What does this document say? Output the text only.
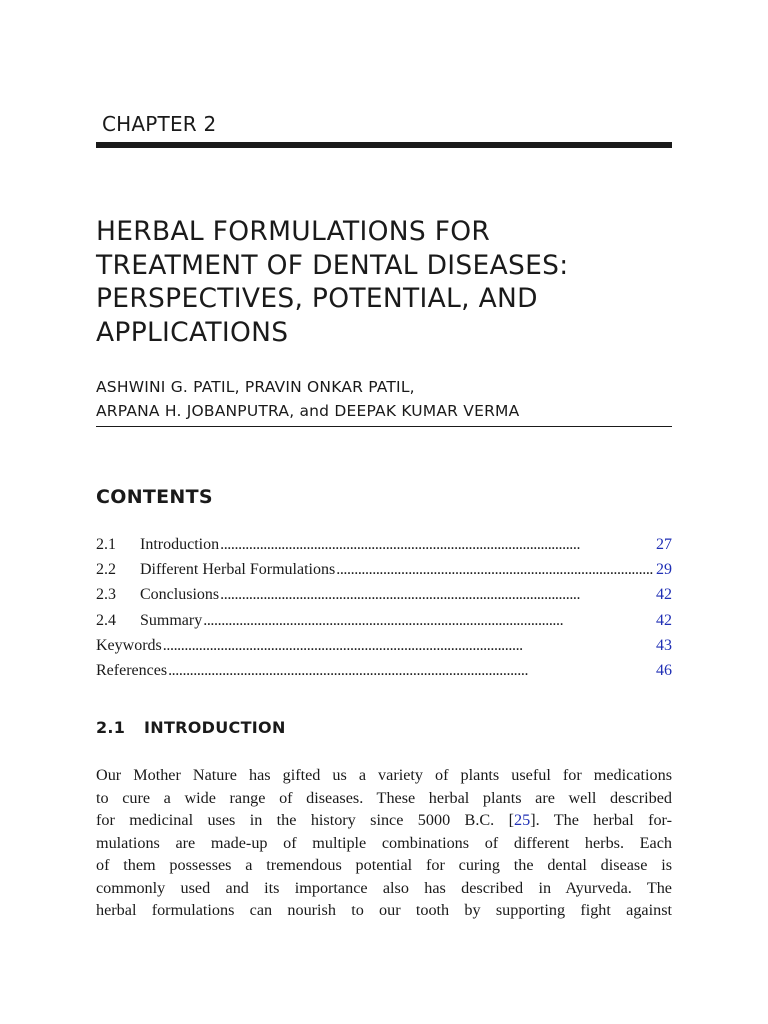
CHAPTER 2
HERBAL FORMULATIONS FOR
TREATMENT OF DENTAL DISEASES:
PERSPECTIVES, POTENTIAL, AND
APPLICATIONS
ASHWINI G. PATIL, PRAVIN ONKAR PATIL,
ARPANA H. JOBANPUTRA, and DEEPAK KUMAR VERMA
CONTENTS
2.1	Introduction . . .	27
2.2	Different Herbal Formulations . . .	29
2.3	Conclusions . . .	42
2.4	Summary . . .	42
Keywords . . .	43
References . . .	46
2.1 INTRODUCTION
Our Mother Nature has gifted us a variety of plants useful for medications
to cure a wide range of diseases. These herbal plants are well described
for medicinal uses in the history since 5000 B.C. [25]. The herbal for-
mulations are made-up of multiple combinations of different herbs. Each
of them possesses a tremendous potential for curing the dental disease is
commonly used and its importance also has described in Ayurveda. The
herbal formulations can nourish to our tooth by supporting fight against
